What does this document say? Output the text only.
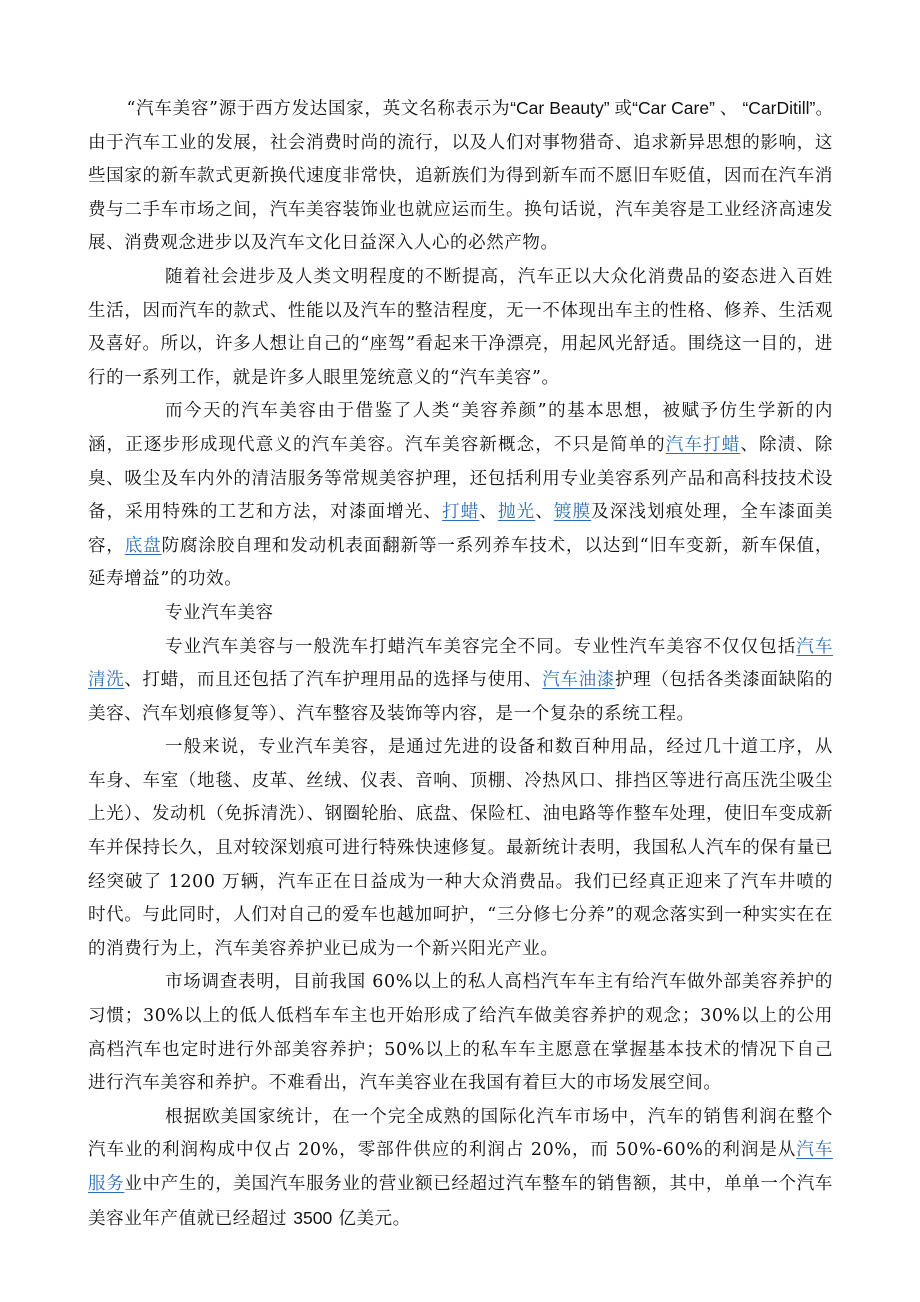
“汽车美容”源于西方发达国家，英文名称表示为“Car Beauty” 或“Car Care” 、 “CarDitill”。 由于汽车工业的发展，社会消费时尚的流行，以及人们对事物猎奇、追求新异思想的影响，这些国家的新车款式更新换代速度非常快，追新族们为得到新车而不愿旧车贬值，因而在汽车消费与二手车市场之间，汽车美容装饰业也就应运而生。换句话说，汽车美容是工业经济高速发展、消费观念进步以及汽车文化日益深入人心的必然产物。

随着社会进步及人类文明程度的不断提高，汽车正以大众化消费品的姿态进入百姓生活，因而汽车的款式、性能以及汽车的整洁程度，无一不体现出车主的性格、修养、生活观及喜好。所以，许多人想让自己的“座驾”看起来干净漂亮，用起风光舒适。围绕这一目的，进行的一系列工作，就是许多人眼里笼统意义的“汽车美容”。

而今天的汽车美容由于借鉴了人类“美容养颜”的基本思想，被赋予仿生学新的内涵，正逐步形成现代意义的汽车美容。汽车美容新概念，不只是简单的汽车打蜡、除渍、除臭、吸尘及车内外的清洁服务等常规美容护理，还包括利用专业美容系列产品和高科技技术设备，采用特殊的工艺和方法，对漆面增光、打蜡、抛光、镀膜及深浅划痕处理，全车漆面美容，底盘防腐涂胶自理和发动机表面翻新等一系列养车技术，以达到“旧车变新，新车保值，延寿增益”的功效。

专业汽车美容

专业汽车美容与一般洗车打蜡汽车美容完全不同。专业性汽车美容不仅仅包括汽车清洗、打蜡，而且还包括了汽车护理用品的选择与使用、汽车油漆护理（包括各类漆面缺陷的美容、汽车划痕修复等）、汽车整容及装饰等内容，是一个复杂的系统工程。

一般来说，专业汽车美容，是通过先进的设备和数百种用品，经过几十道工序，从车身、车室（地毯、皮革、丝绒、仪表、音响、顶棚、冷热风口、排挡区等进行高压洗尘吸尘上光）、发动机（免拆清洗）、钢圈轮胎、底盘、保险杠、油电路等作整车处理，使旧车变成新车并保持长久，且对较深划痕可进行特殊快速修复。最新统计表明，我国私人汽车的保有量已经突破了 1200 万辆，汽车正在日益成为一种大众消费品。我们已经真正迎来了汽车井喷的时代。与此同时，人们对自己的爱车也越加呵护，“三分修七分养”的观念落实到一种实实在在的消费行为上，汽车美容养护业已成为一个新兴阳光产业。

市场调查表明，目前我国 60%以上的私人高档汽车车主有给汽车做外部美容养护的习惯；30%以上的低人低档车车主也开始形成了给汽车做美容养护的观念；30%以上的公用高档汽车也定时进行外部美容养护；50%以上的私车车主愿意在掌握基本技术的情况下自己进行汽车美容和养护。不难看出，汽车美容业在我国有着巨大的市场发展空间。

根据欧美国家统计，在一个完全成熟的国际化汽车市场中，汽车的销售利润在整个汽车业的利润构成中仅占 20%，零部件供应的利润占 20%，而 50%-60%的利润是从汽车服务业中产生的，美国汽车服务业的营业额已经超过汽车整车的销售额，其中，单单一个汽车美容业年产值就已经超过 3500 亿美元。
